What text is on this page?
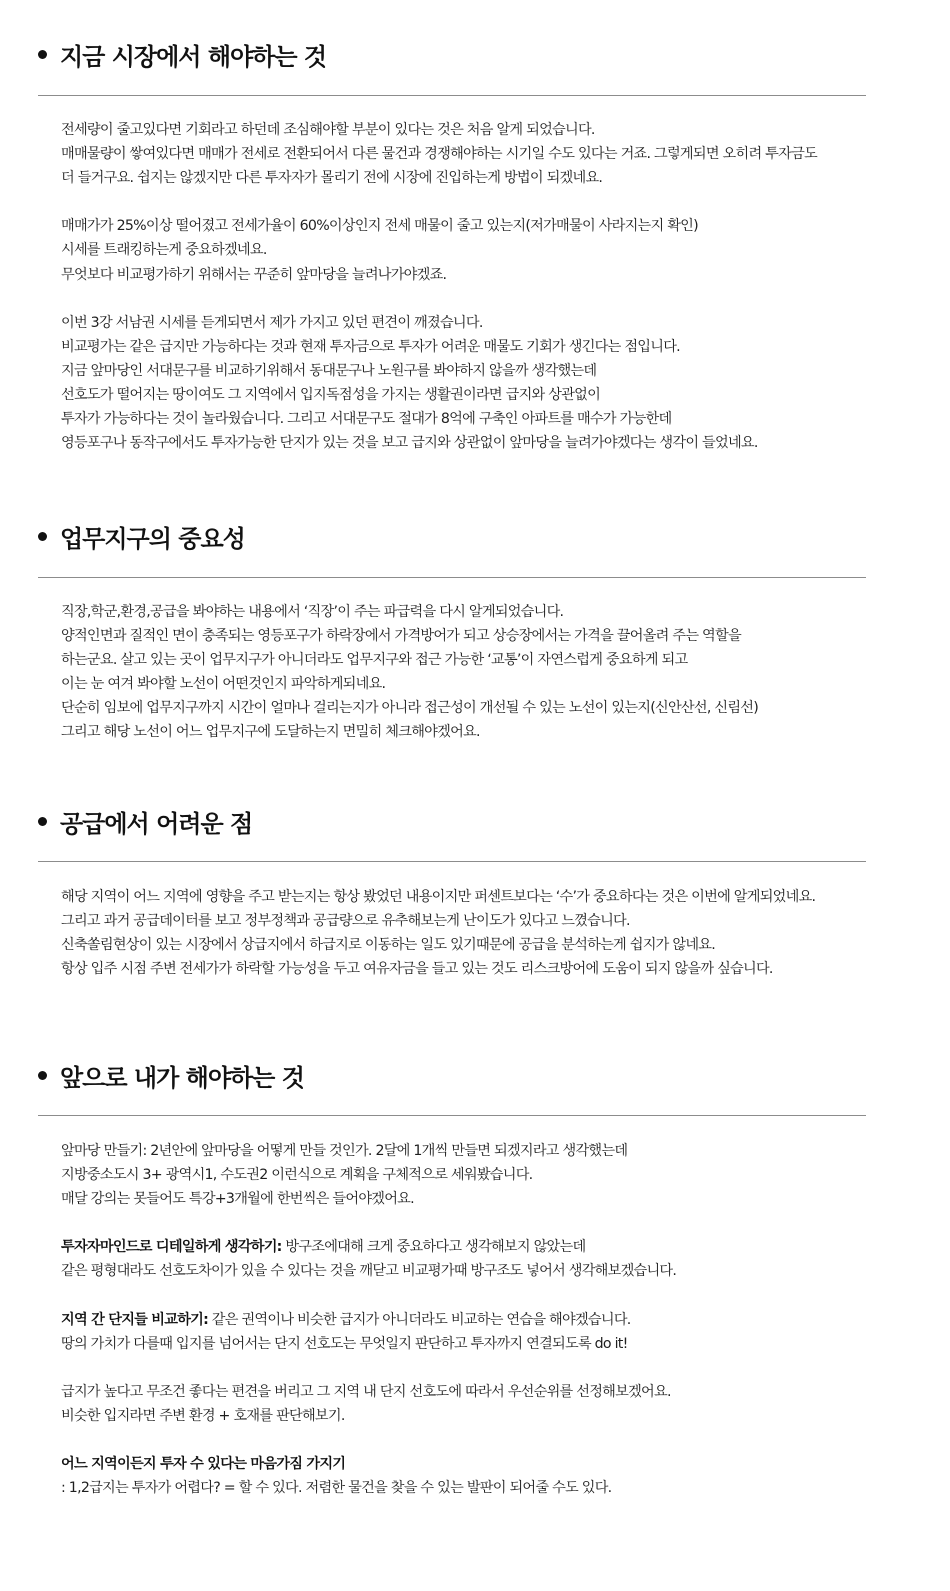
지금 시장에서 해야하는 것
전세량이 줄고있다면 기회라고 하던데 조심해야할 부분이 있다는 것은 처음 알게 되었습니다.
매매물량이 쌓여있다면 매매가 전세로 전환되어서 다른 물건과 경쟁해야하는 시기일 수도 있다는 거죠. 그렇게되면 오히려 투자금도
더 들거구요. 쉽지는 않겠지만 다른 투자자가 몰리기 전에 시장에 진입하는게 방법이 되겠네요.
매매가가 25%이상 떨어졌고 전세가율이 60%이상인지 전세 매물이 줄고 있는지(저가매물이 사라지는지 확인)
시세를 트래킹하는게 중요하겠네요.
무엇보다 비교평가하기 위해서는 꾸준히 앞마당을 늘려나가야겠죠.
이번 3강 서남권 시세를 듣게되면서 제가 가지고 있던 편견이 깨졌습니다.
비교평가는 같은 급지만 가능하다는 것과 현재 투자금으로 투자가 어려운 매물도 기회가 생긴다는 점입니다.
지금 앞마당인 서대문구를 비교하기위해서 동대문구나 노원구를 봐야하지 않을까 생각했는데
선호도가 떨어지는 땅이여도 그 지역에서 입지독점성을 가지는 생활권이라면 급지와 상관없이
투자가 가능하다는 것이 놀라웠습니다. 그리고 서대문구도 절대가 8억에 구축인 아파트를 매수가 가능한데
영등포구나 동작구에서도 투자가능한 단지가 있는 것을 보고 급지와 상관없이 앞마당을 늘려가야겠다는 생각이 들었네요.
업무지구의 중요성
직장,학군,환경,공급을 봐야하는 내용에서 ‘직장’이 주는 파급력을 다시 알게되었습니다.
양적인면과 질적인 면이 충족되는 영등포구가 하락장에서 가격방어가 되고 상승장에서는 가격을 끌어올려 주는 역할을
하는군요. 살고 있는 곳이 업무지구가 아니더라도 업무지구와 접근 가능한 ‘교통’이 자연스럽게 중요하게 되고
이는 눈 여겨 봐야할 노선이 어떤것인지 파악하게되네요.
단순히 임보에 업무지구까지 시간이 얼마나 걸리는지가 아니라 접근성이 개선될 수 있는 노선이 있는지(신안산선, 신림선)
그리고 해당 노선이 어느 업무지구에 도달하는지 면밀히 체크해야겠어요.
공급에서 어려운 점
해당 지역이 어느 지역에 영향을 주고 받는지는 항상 봤었던 내용이지만 퍼센트보다는 ‘수’가 중요하다는 것은 이번에 알게되었네요.
그리고 과거 공급데이터를 보고 정부정책과 공급량으로 유추해보는게 난이도가 있다고 느꼈습니다.
신축쏠림현상이 있는 시장에서 상급지에서 하급지로 이동하는 일도 있기때문에 공급을 분석하는게 쉽지가 않네요.
항상 입주 시점 주변 전세가가 하락할 가능성을 두고 여유자금을 들고 있는 것도 리스크방어에 도움이 되지 않을까 싶습니다.
앞으로 내가 해야하는 것
앞마당 만들기: 2년안에 앞마당을 어떻게 만들 것인가. 2달에 1개씩 만들면 되겠지라고 생각했는데
지방중소도시 3+ 광역시1, 수도권2 이런식으로 계획을 구체적으로 세워봤습니다.
매달 강의는 못들어도 특강+3개월에 한번씩은 들어야겠어요.
투자자마인드로 디테일하게 생각하기: 방구조에대해 크게 중요하다고 생각해보지 않았는데
같은 평형대라도 선호도차이가 있을 수 있다는 것을 깨닫고 비교평가때 방구조도 넣어서 생각해보겠습니다.
지역 간 단지들 비교하기: 같은 권역이나 비슷한 급지가 아니더라도 비교하는 연습을 해야겠습니다.
땅의 가치가 다를때 입지를 넘어서는 단지 선호도는 무엇일지 판단하고 투자까지 연결되도록 do it!
급지가 높다고 무조건 좋다는 편견을 버리고 그 지역 내 단지 선호도에 따라서 우선순위를 선정해보겠어요.
비슷한 입지라면 주변 환경 + 호재를 판단해보기.
어느 지역이든지 투자 수 있다는 마음가짐 가지기
: 1,2급지는 투자가 어렵다? = 할 수 있다. 저렴한 물건을 찾을 수 있는 발판이 되어줄 수도 있다.
